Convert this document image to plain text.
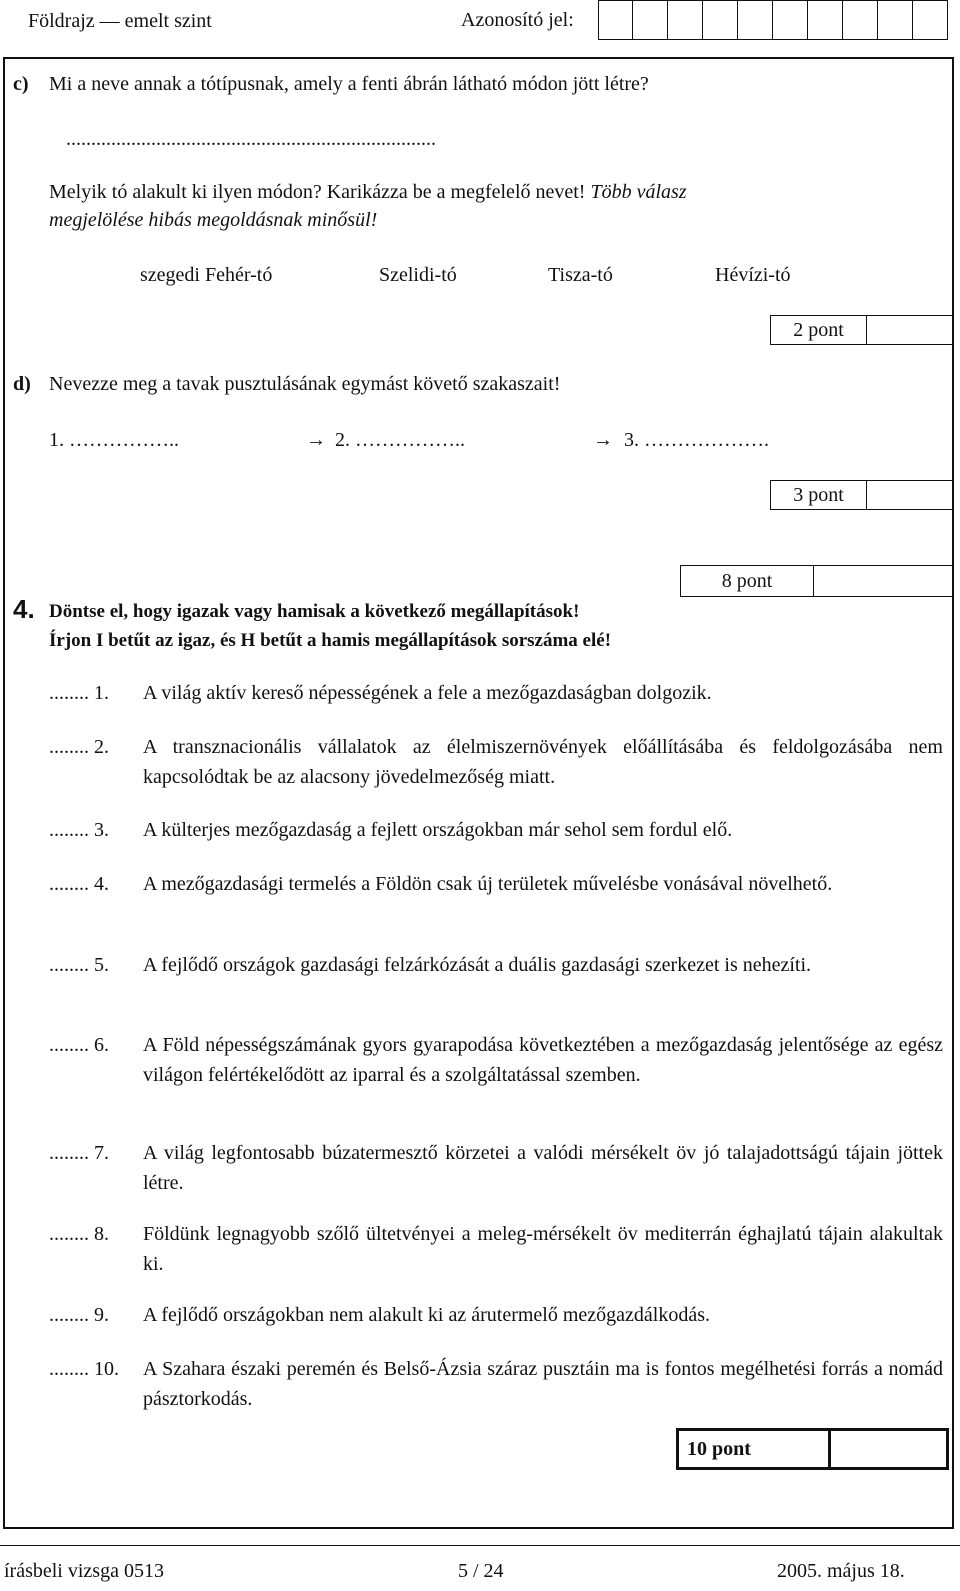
Földrajz — emelt szint	Azonosító jel:
c) Mi a neve annak a tótípusnak, amely a fenti ábrán látható módon jött létre?
..........................................................................
Melyik tó alakult ki ilyen módon? Karikázza be a megfelelő nevet! Több válasz
megjelölése hibás megoldásnak minősül!
szegedi Fehér-tó	Szelidi-tó	Tisza-tó	Hévízi-tó
2 pont
d) Nevezze meg a tavak pusztulásának egymást követő szakaszait!
1. ……………..	→ 2. ……………..	→ 3. ……………….
3 pont
8 pont
4. Döntse el, hogy igazak vagy hamisak a következő megállapítások!
Írjon I betűt az igaz, és H betűt a hamis megállapítások sorszáma elé!
........ 1. A világ aktív kereső népességének a fele a mezőgazdaságban dolgozik.
........ 2. A transznacionális vállalatok az élelmiszernövények előállításába és feldolgozásába nem kapcsolódtak be az alacsony jövedelmezőség miatt.
........ 3. A külterjes mezőgazdaság a fejlett országokban már sehol sem fordul elő.
........ 4. A mezőgazdasági termelés a Földön csak új területek művelésbe vonásával növelhető.
........ 5. A fejlődő országok gazdasági felzárkózását a duális gazdasági szerkezet is nehezíti.
........ 6. A Föld népességszámának gyors gyarapodása következtében a mezőgazdaság jelentősége az egész világon felértékelődött az iparral és a szolgáltatással szemben.
........ 7. A világ legfontosabb búzatermesztő körzetei a valódi mérsékelt öv jó talajadottságú tájain jöttek létre.
........ 8. Földünk legnagyobb szőlő ültetvényei a meleg-mérsékelt öv mediterrán éghajlatú tájain alakultak ki.
........ 9. A fejlődő országokban nem alakult ki az árutermelő mezőgazdálkodás.
........ 10. A Szahara északi peremén és Belső-Ázsia száraz pusztáin ma is fontos megélhetési forrás a nomád pásztorkodás.
10 pont
írásbeli vizsga 0513	5 / 24	2005. május 18.
